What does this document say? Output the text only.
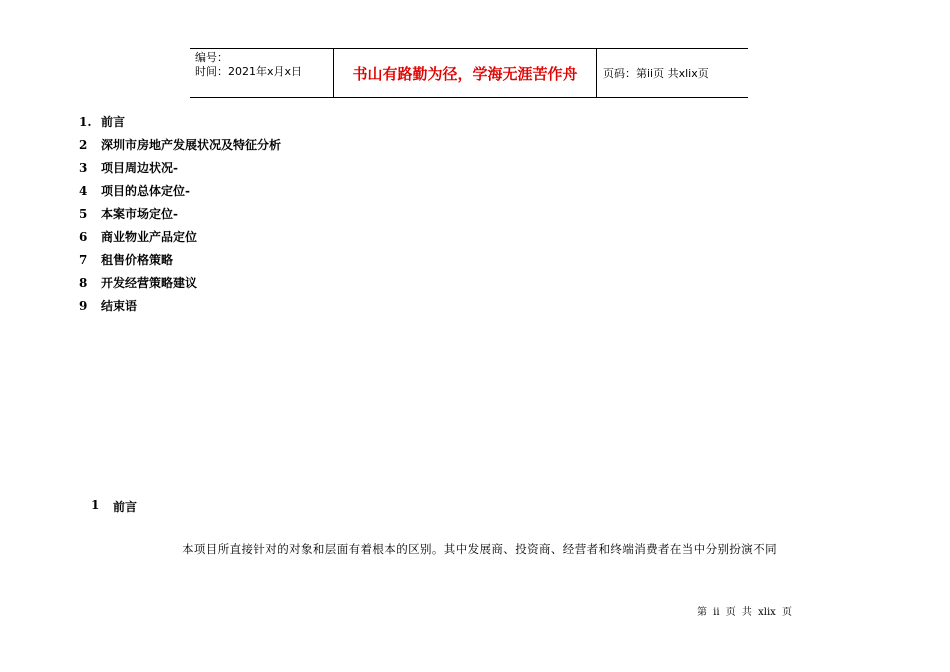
编号：
时间：2021年x月x日	书山有路勤为径，学海无涯苦作舟 页码：第ii页 共xlix页
1. 前言
2	深圳市房地产发展状况及特征分析
3	项目周边状况-
4	项目的总体定位-
5	本案市场定位-
6	商业物业产品定位
7	租售价格策略
8	开发经营策略建议
9	结束语
1	前言
本项目所直接针对的对象和层面有着根本的区别。其中发展商、投资商、经营者和终端消费者在当中分别扮演不同
第 ii 页 共 xlix 页
